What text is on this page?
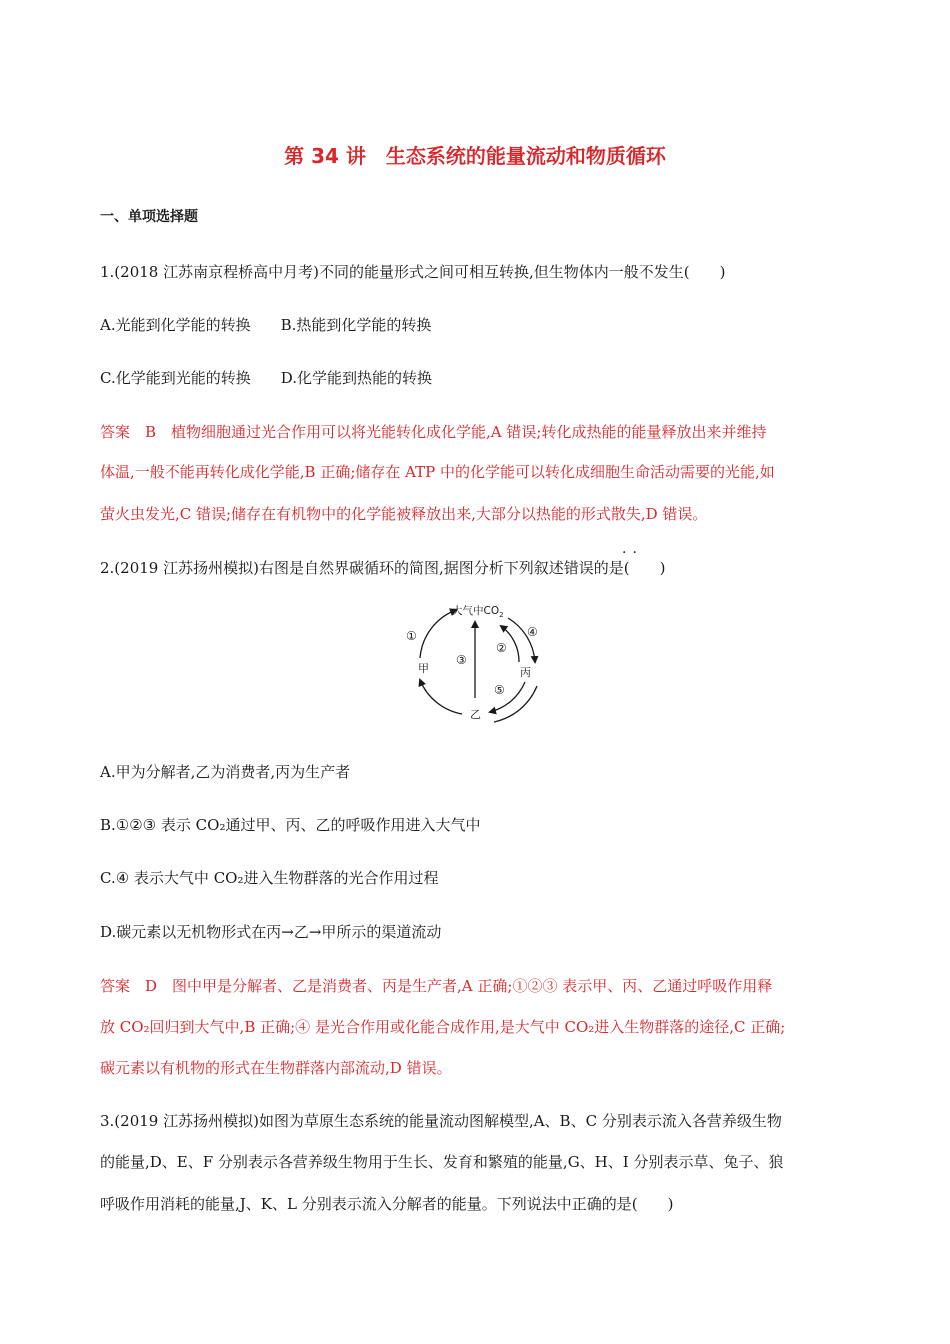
第 34 讲　生态系统的能量流动和物质循环
一、单项选择题
1.(2018 江苏南京程桥高中月考)不同的能量形式之间可相互转换,但生物体内一般不发生(　　)
A.光能到化学能的转换 B.热能到化学能的转换
C.化学能到光能的转换 D.化学能到热能的转换
答案　B　植物细胞通过光合作用可以将光能转化成化学能,A 错误;转化成热能的能量释放出来并维持
体温,一般不能再转化成化学能,B 正确;储存在 ATP 中的化学能可以转化成细胞生命活动需要的光能,如
萤火虫发光,C 错误;储存在有机物中的化学能被释放出来,大部分以热能的形式散失,D 错误。
··
2.(2019 江苏扬州模拟)右图是自然界碳循环的简图,据图分析下列叙述错误的是(　　)
大气中$CO_2$
甲	丙
乙
①
②
③
④
⑤
A.甲为分解者,乙为消费者,丙为生产者
B.①②③ 表示 CO₂通过甲、丙、乙的呼吸作用进入大气中
C.④ 表示大气中 CO₂进入生物群落的光合作用过程
D.碳元素以无机物形式在丙→乙→甲所示的渠道流动
答案　D　图中甲是分解者、乙是消费者、丙是生产者,A 正确;①②③ 表示甲、丙、乙通过呼吸作用释
放 CO₂回归到大气中,B 正确;④ 是光合作用或化能合成作用,是大气中 CO₂进入生物群落的途径,C 正确;
碳元素以有机物的形式在生物群落内部流动,D 错误。
3.(2019 江苏扬州模拟)如图为草原生态系统的能量流动图解模型,A、B、C 分别表示流入各营养级生物
的能量,D、E、F 分别表示各营养级生物用于生长、发育和繁殖的能量,G、H、I 分别表示草、兔子、狼
呼吸作用消耗的能量,J、K、L 分别表示流入分解者的能量。下列说法中正确的是(　　)
